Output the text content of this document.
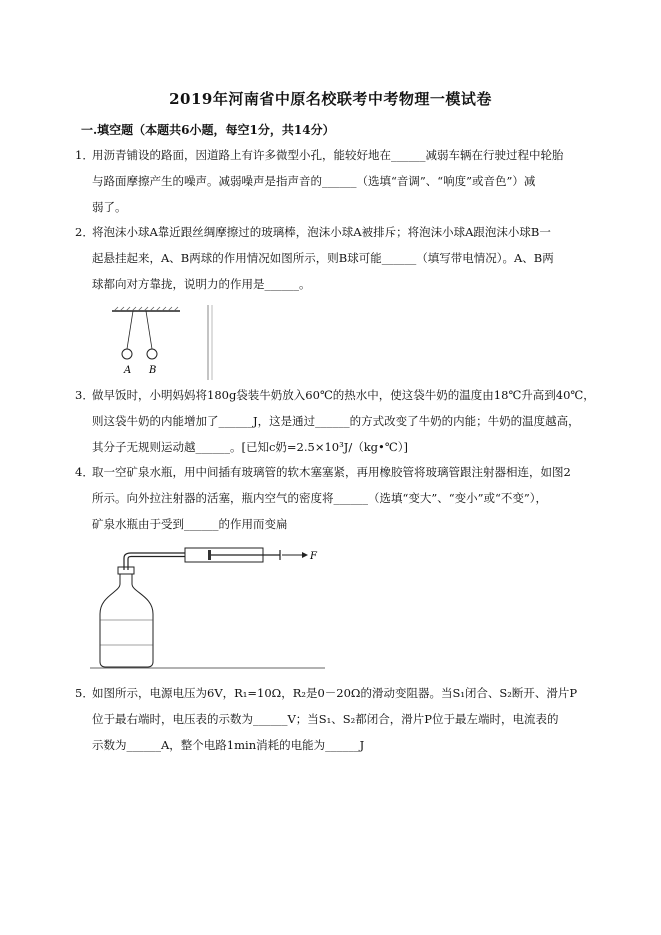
2019年河南省中原名校联考中考物理一模试卷
一.填空题（本题共6小题，每空1分，共14分）
1．
用沥青铺设的路面，因道路上有许多微型小孔，能较好地在______减弱车辆在行驶过程中轮胎
与路面摩擦产生的噪声。减弱噪声是指声音的______（选填“音调”、“响度”或音色”）减
弱了。
2．
将泡沫小球A靠近跟丝绸摩擦过的玻璃棒，泡沫小球A被排斥；将泡沫小球A跟泡沫小球B一
起悬挂起来，A、B两球的作用情况如图所示，则B球可能______（填写带电情况）。A、B两
球都向对方靠拢，说明力的作用是______。
A B
3．
做早饭时，小明妈妈将180g袋装牛奶放入60℃的热水中，使这袋牛奶的温度由18℃升高到40℃，
则这袋牛奶的内能增加了______J，这是通过______的方式改变了牛奶的内能；牛奶的温度越高，
其分子无规则运动越______。[已知c奶=2.5×10³J/（kg•℃）]
4．
取一空矿泉水瓶，用中间插有玻璃管的软木塞塞紧，再用橡胶管将玻璃管跟注射器相连，如图2
所示。向外拉注射器的活塞，瓶内空气的密度将______（选填“变大”、“变小”或“不变”），
矿泉水瓶由于受到______的作用而变扁
F
5．
如图所示，电源电压为6V，R₁=10Ω，R₂是0－20Ω的滑动变阻器。当S₁闭合、S₂断开、滑片P
位于最右端时，电压表的示数为______V；当S₁、S₂都闭合，滑片P位于最左端时，电流表的
示数为______A，整个电路1min消耗的电能为______J
